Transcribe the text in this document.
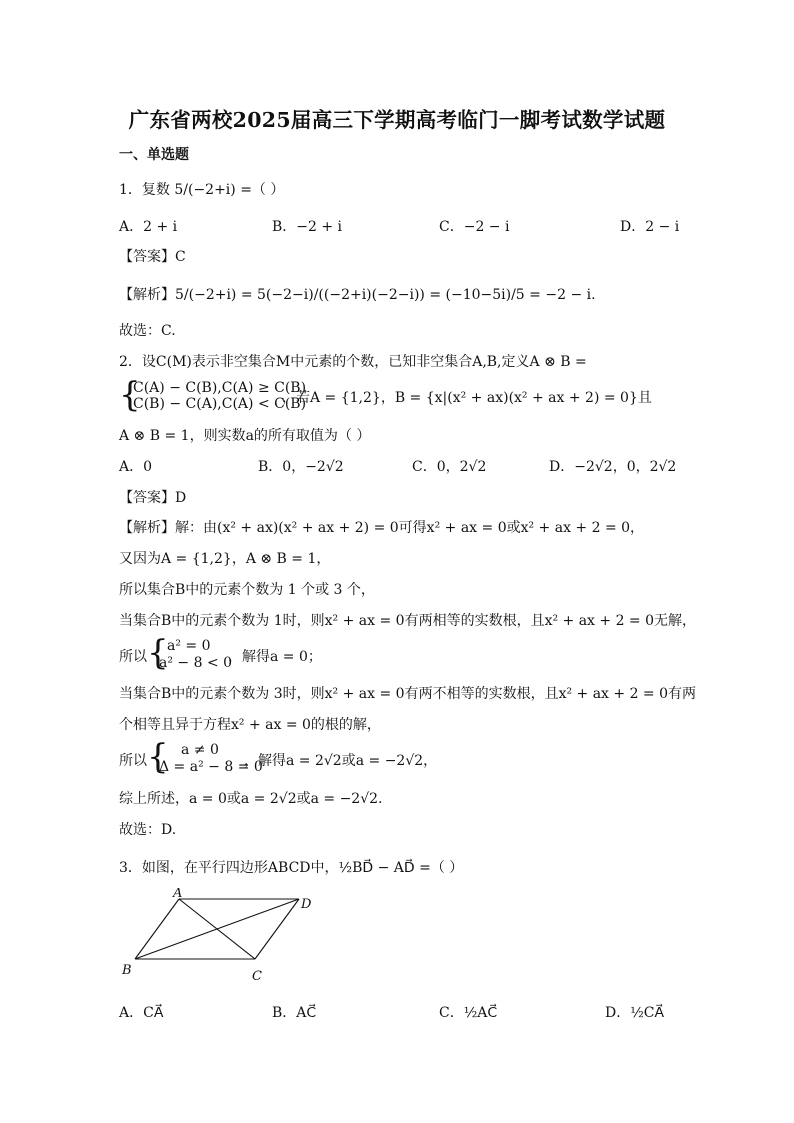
广东省两校2025届高三下学期高考临门一脚考试数学试题
一、单选题
1．复数 5/(−2+i) =（ ）
A．2 + i	B．−2 + i	C．−2 − i	D．2 − i
【答案】C
【解析】5/(−2+i) = 5(−2−i)/((−2+i)(−2−i)) = (−10−5i)/5 = −2 − i.
故选：C.
2．设C(M)表示非空集合M中元素的个数，已知非空集合A,B,定义A ⊗ B =
{
C(A) − C(B),C(A) ≥ C(B)
C(B) − C(A),C(A) < C(B)
，若A = {1,2}，B = {x|(x² + ax)(x² + ax + 2) = 0}且
A ⊗ B = 1，则实数a的所有取值为（ ）
A．0	B．0，−2√2	C．0，2√2	D．−2√2，0，2√2
【答案】D
【解析】解：由(x² + ax)(x² + ax + 2) = 0可得x² + ax = 0或x² + ax + 2 = 0，
又因为A = {1,2}，A ⊗ B = 1，
所以集合B中的元素个数为 1 个或 3 个，
当集合B中的元素个数为 1时，则x² + ax = 0有两相等的实数根，且x² + ax + 2 = 0无解，
所以 {
a² = 0
a² − 8 < 0
，解得a = 0；
当集合B中的元素个数为 3时，则x² + ax = 0有两不相等的实数根，且x² + ax + 2 = 0有两
个相等且异于方程x² + ax = 0的根的解，
所以 { a ≠ 0
Δ = a² − 8 = 0
，解得a = 2√2或a = −2√2，
综上所述，a = 0或a = 2√2或a = −2√2.
故选：D.
3．如图，在平行四边形ABCD中，½BD⃗ − AD⃗ =（ ）
A
B	C
D
A．CA⃗	B．AC⃗	C．½AC⃗	D．½CA⃗
